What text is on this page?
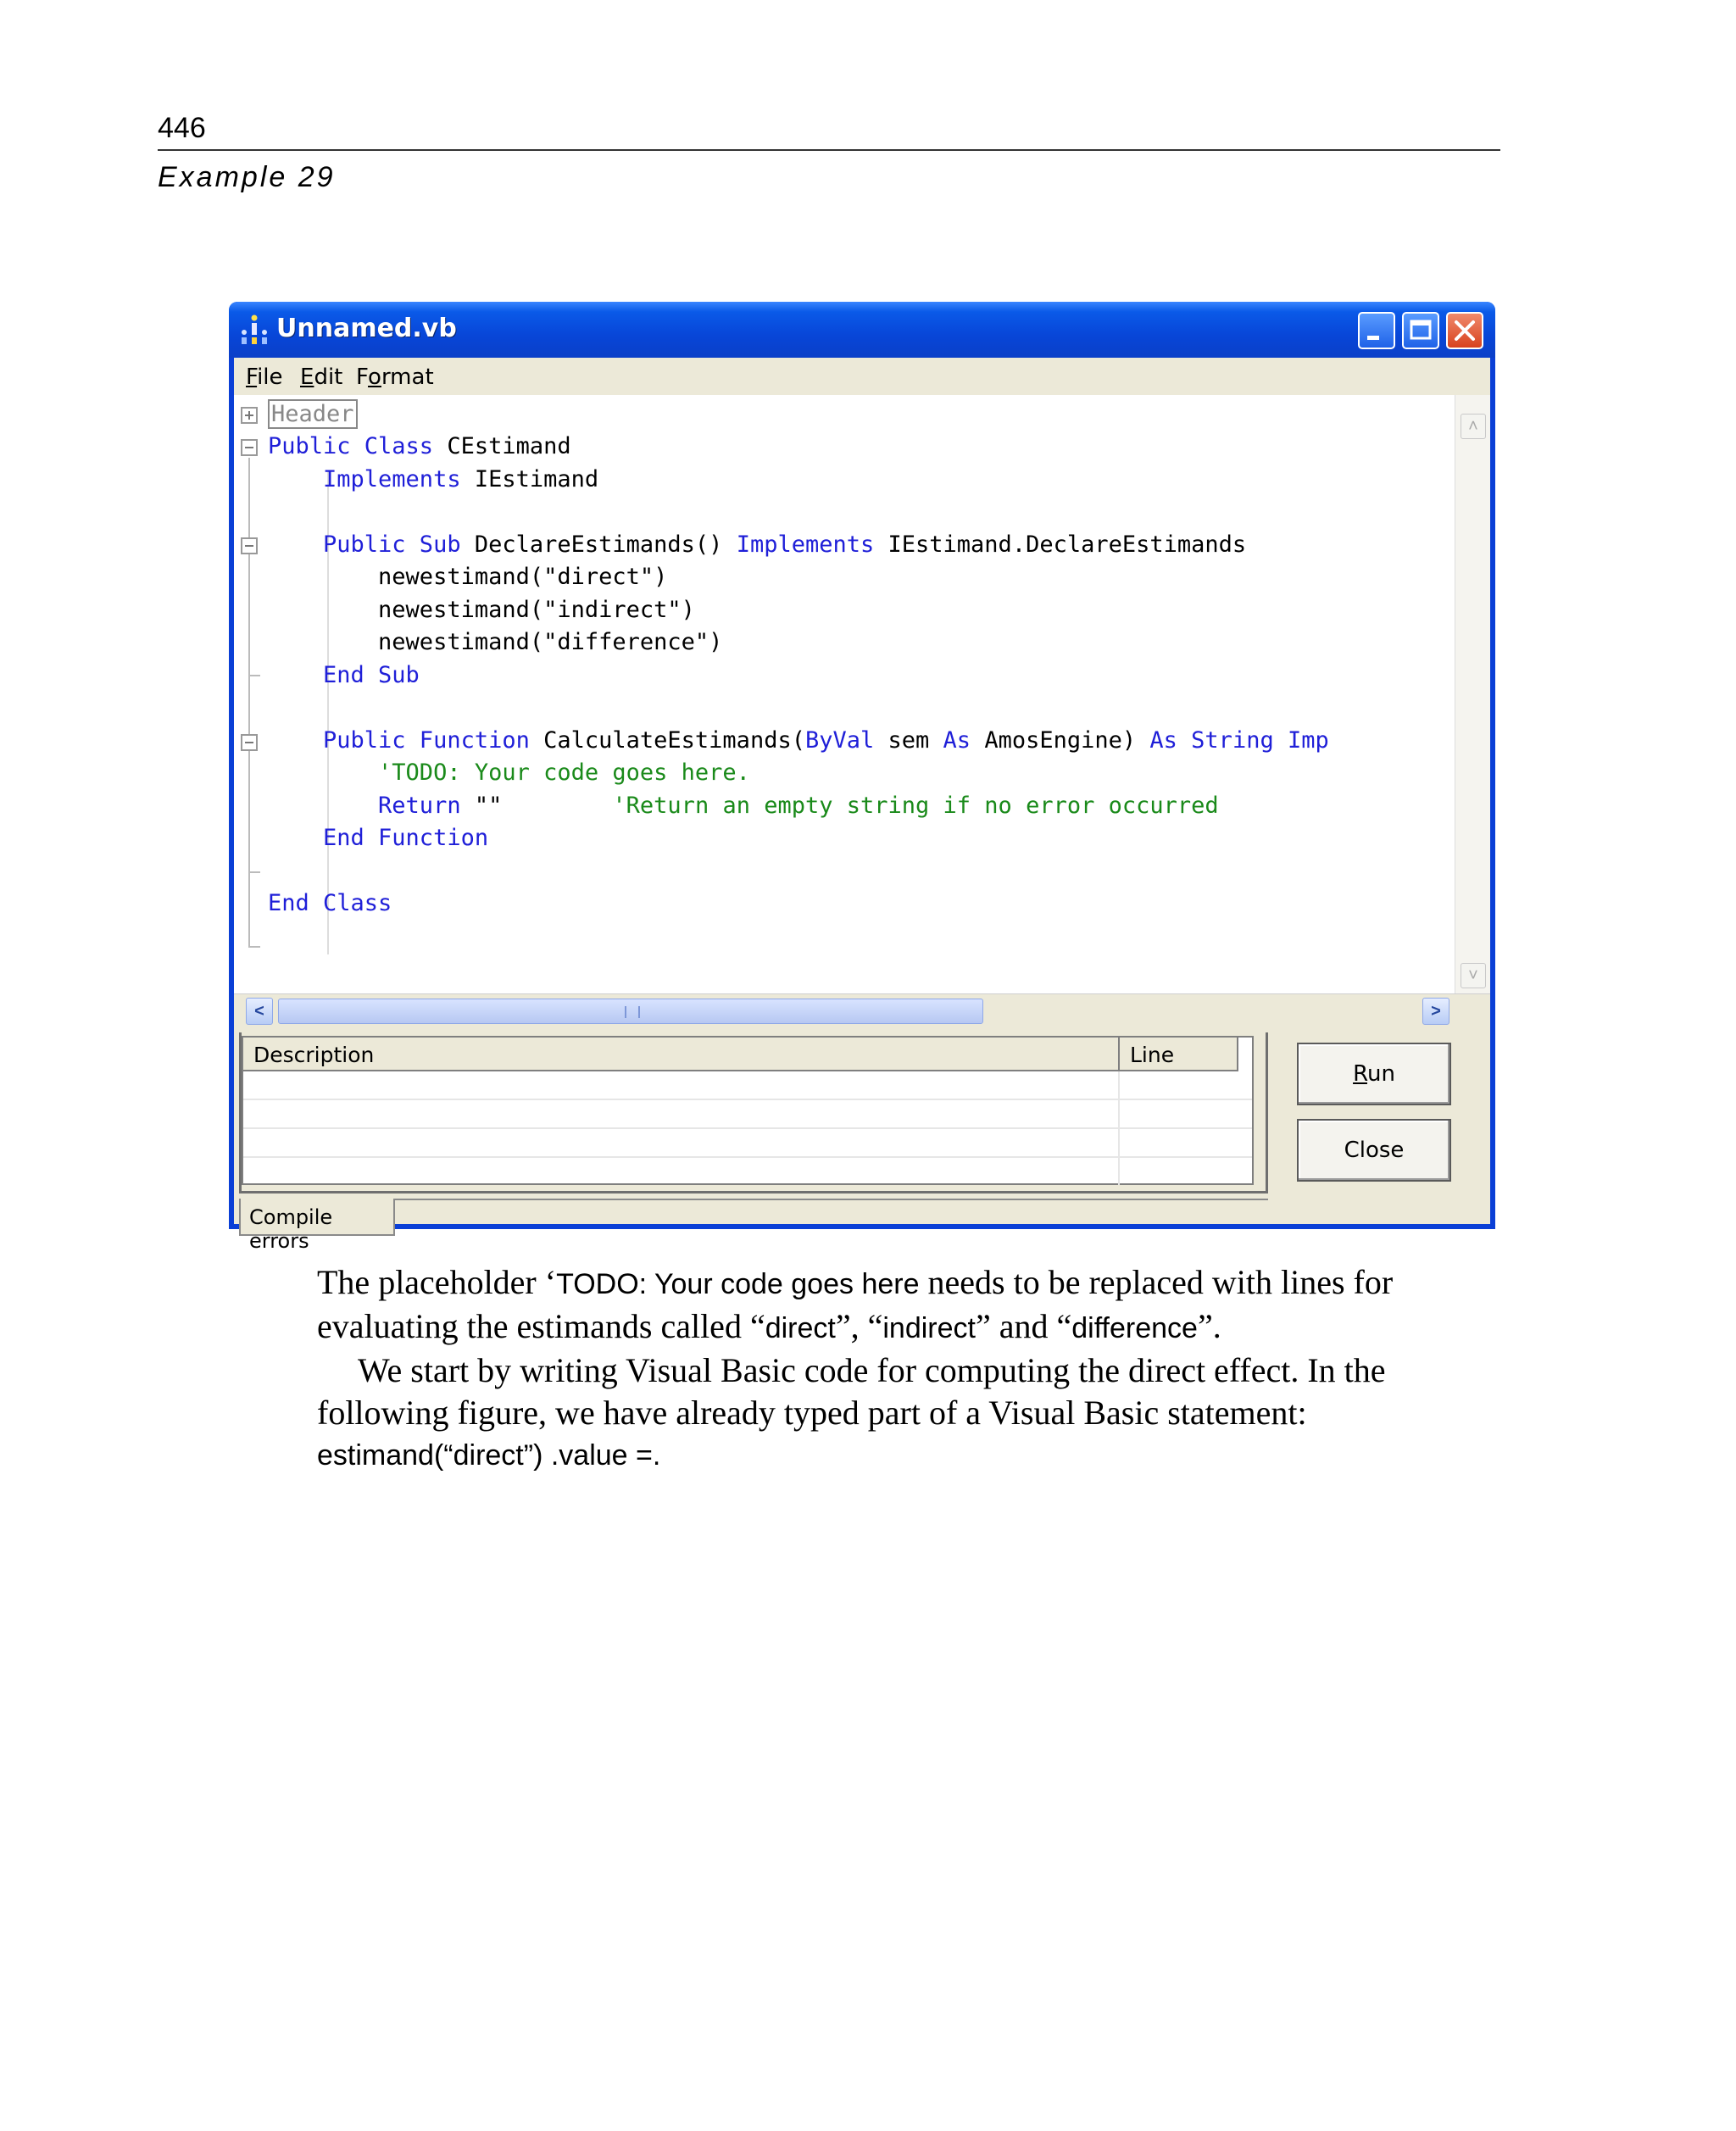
446
Example 29
Unnamed.vb
File Edit Format
Header
Public Class CEstimand
Implements IEstimand
Public Sub DeclareEstimands() Implements IEstimand.DeclareEstimands
newestimand("direct")
newestimand("indirect")
newestimand("difference")
End Sub
Public Function CalculateEstimands(ByVal sem As AmosEngine) As String Imp
'TODO: Your code goes here.
Return ""        'Return an empty string if no error occurred
End Function
End Class
˄
˅
<	>
Description	Line
Compile errors
Run
Close

The placeholder ‘TODO: Your code goes here needs to be replaced with lines for evaluating the estimands called “direct”, “indirect” and “difference”.

We start by writing Visual Basic code for computing the direct effect. In the following figure, we have already typed part of a Visual Basic statement:

estimand(“direct”) .value =.
